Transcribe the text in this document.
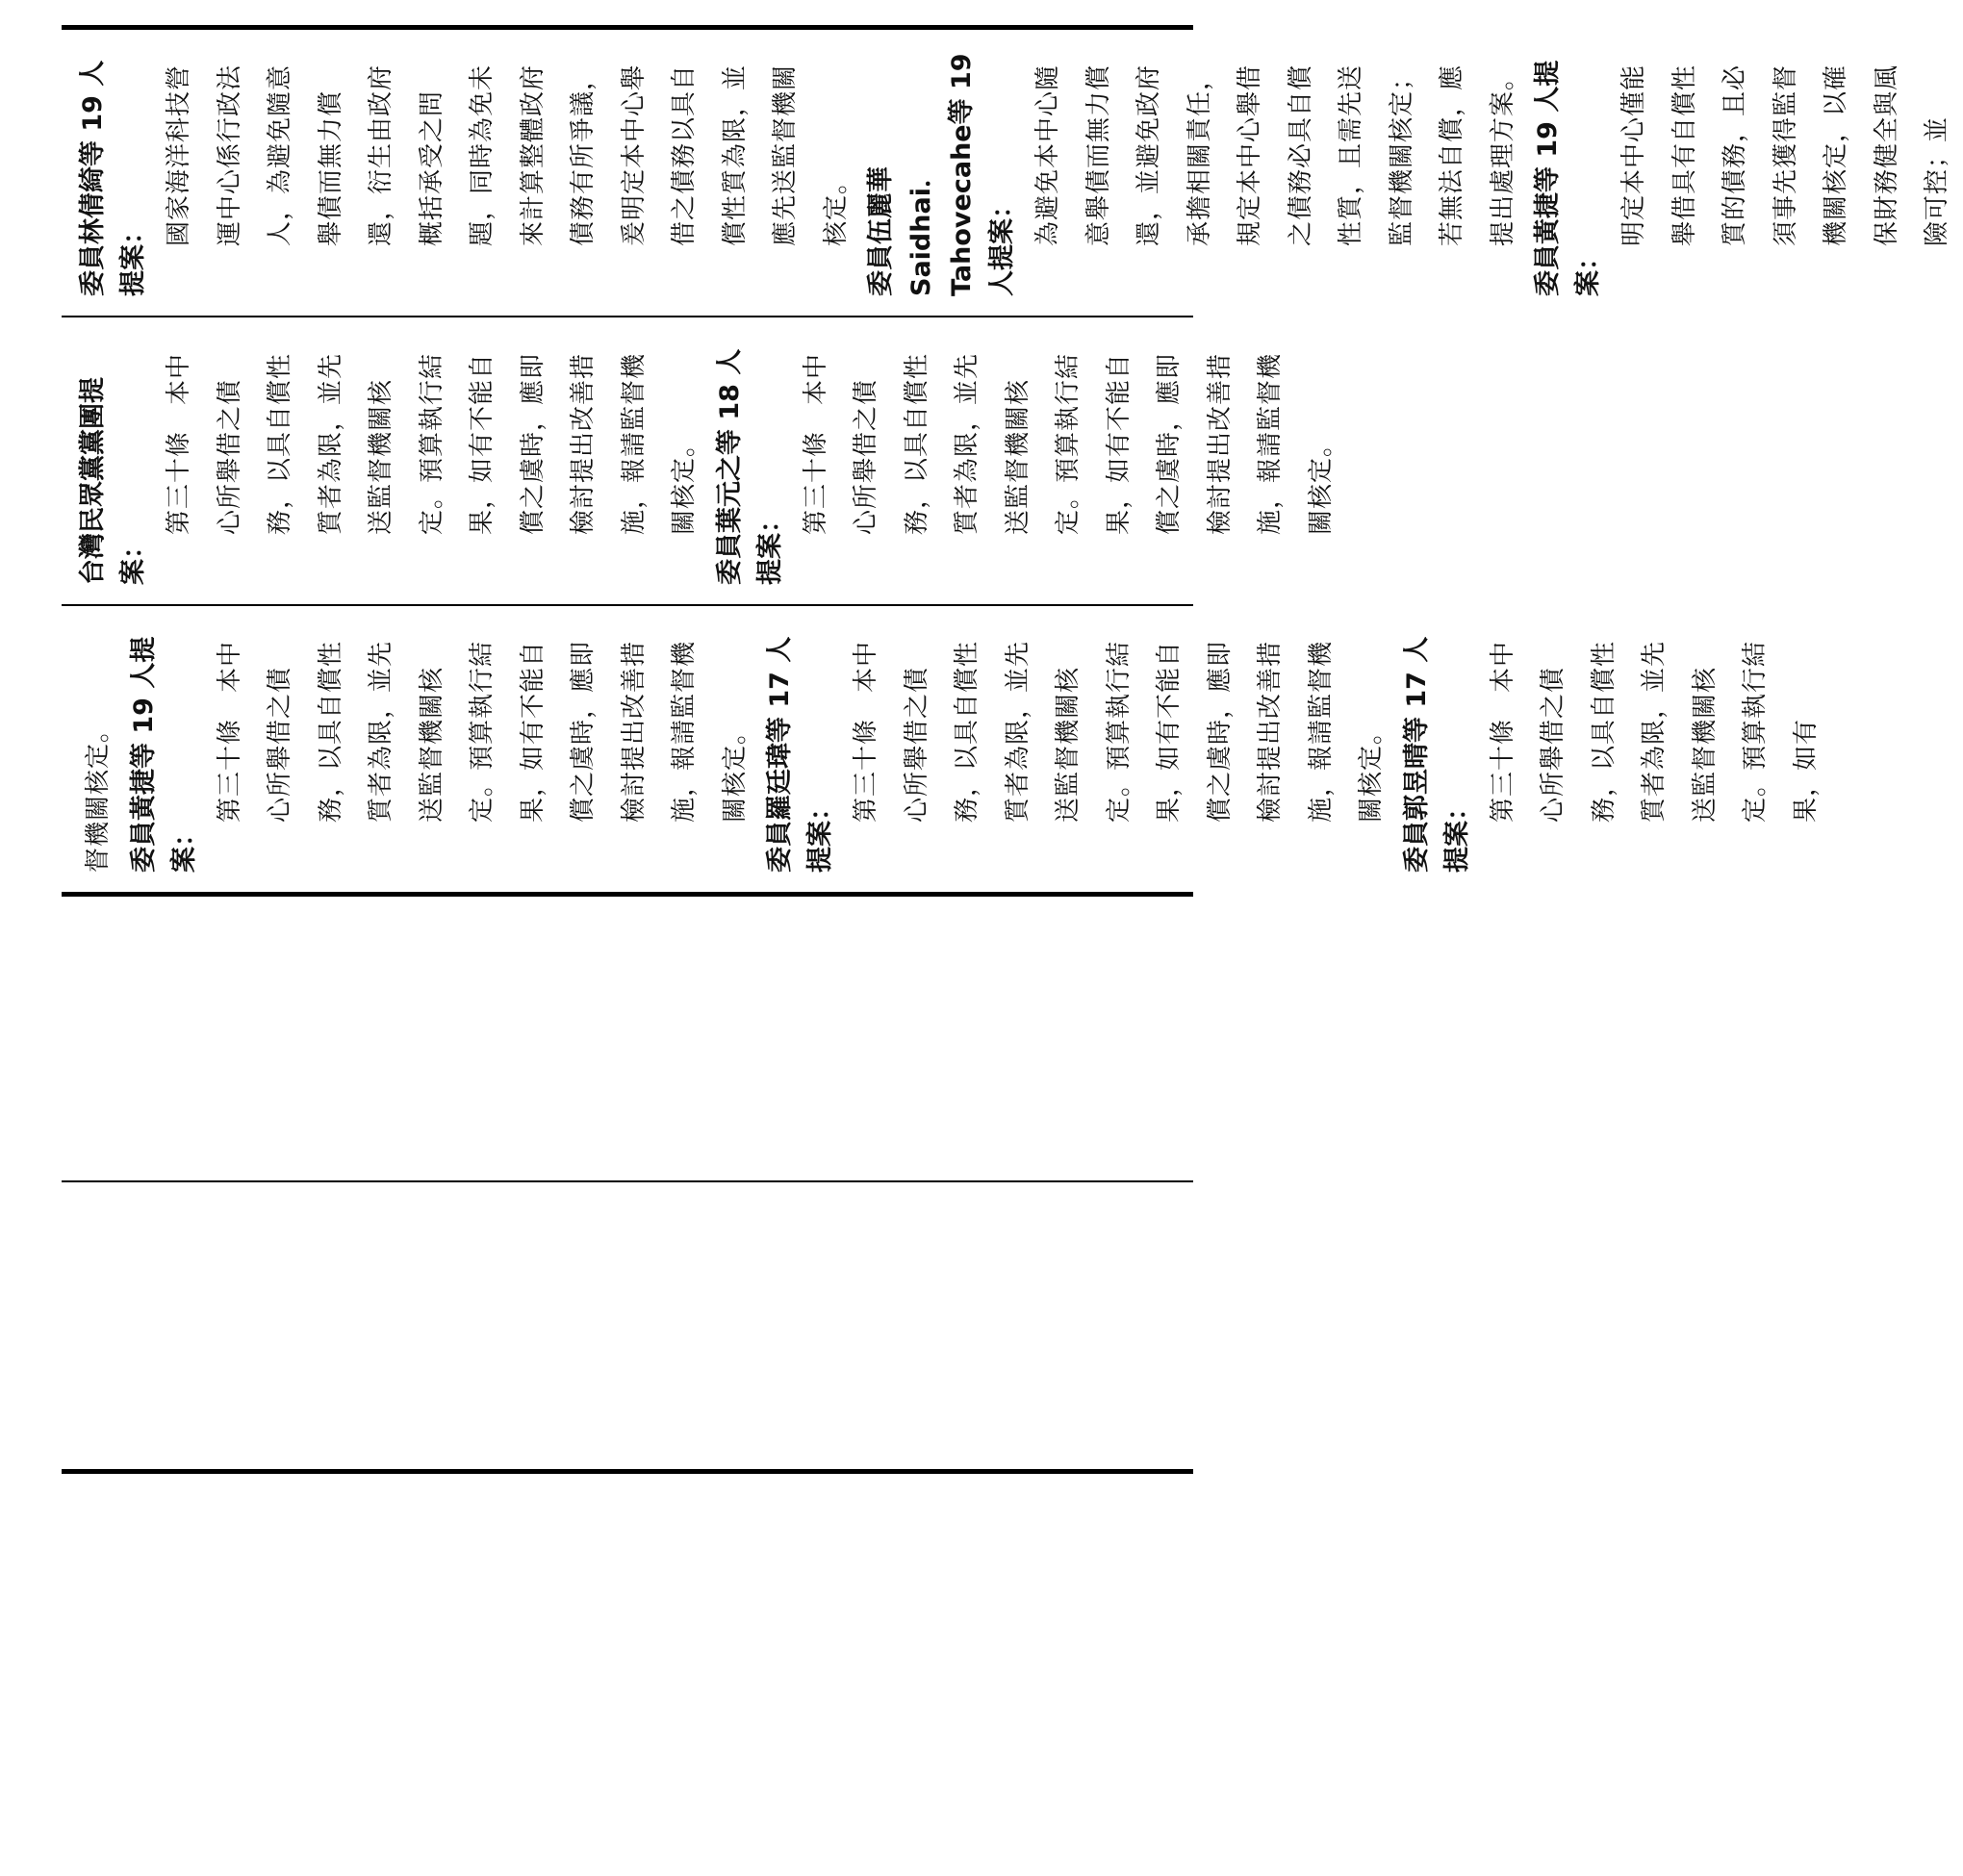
委員林倩綺等 19 人提案：

國家海洋科技營運中心係行政法人，為避免隨意舉債而無力償還，衍生由政府概括承受之問題，同時為免未來計算整體政府債務有所爭議，爰明定本中心舉借之債務以具自償性質為限，並應先送監督機關核定。 委員伍麗華 Saidhai．Tahovecahe等 19 人提案： 為避免本中心隨意舉債而無力償還，並避免政府承擔相關責任，規定本中心舉借之債務必具自償性質，且需先送監督機關核定；若無法自償，應提出處理方案。 委員黃捷等 19 人提案：

明定本中心僅能舉借具有自償性質的債務，且必須事先獲得監督機關核定，以確保財務健全與風險可控；並

台灣民眾黨黨團提案：

第三十條　本中心所舉借之債務，以具自償性質者為限，並先送監督機關核定。預算執行結果，如有不能自償之虞時，應即檢討提出改善措施，報請監督機關核定。 委員葉元之等 18 人提案：

第三十條　本中心所舉借之債務，以具自償性質者為限，並先送監督機關核定。預算執行結果，如有不能自償之虞時，應即檢討提出改善措施，報請監督機關核定。

督機關核定。 委員黃捷等 19 人提案：

第三十條　本中心所舉借之債務，以具自償性質者為限，並先送監督機關核定。預算執行結果，如有不能自償之虞時，應即檢討提出改善措施，報請監督機關核定。 委員羅廷瑋等 17 人提案：

第三十條　本中心所舉借之債務，以具自償性質者為限，並先送監督機關核定。預算執行結果，如有不能自償之虞時，應即檢討提出改善措施，報請監督機關核定。 委員郭昱晴等 17 人提案：

第三十條　本中心所舉借之債務，以具自償性質者為限，並先送監督機關核定。預算執行結果，如有
